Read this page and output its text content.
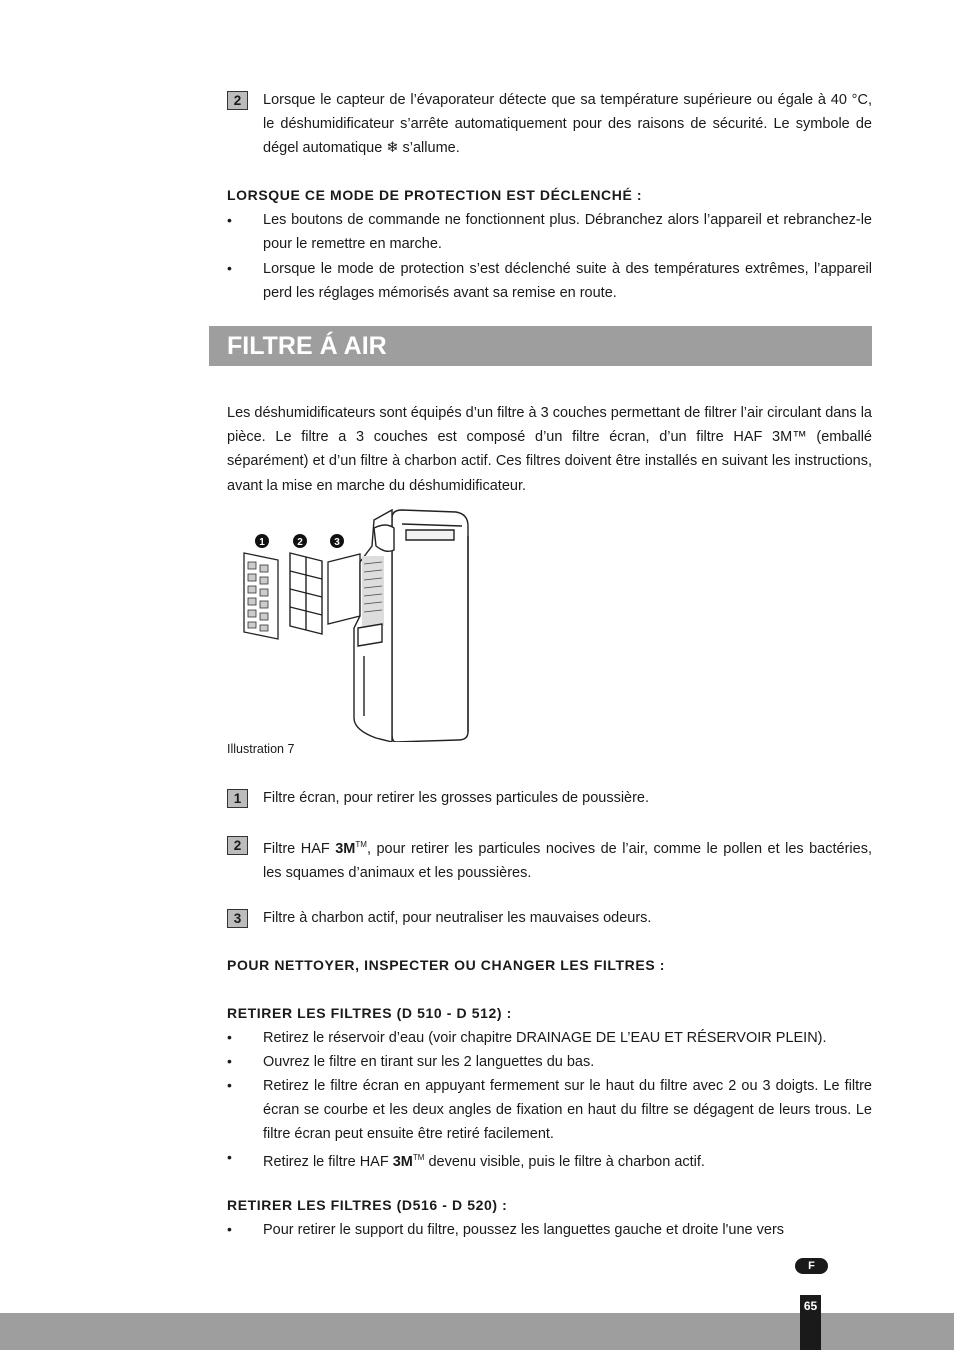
2	Lorsque le capteur de l’évaporateur détecte que sa température supérieure ou égale à 40 °C, le déshumidificateur s’arrête automatiquement pour des raisons de sécurité. Le symbole de dégel automatique ❄ s’allume.
LORSQUE CE MODE DE PROTECTION EST DÉCLENCHÉ :
•	Les boutons de commande ne fonctionnent plus. Débranchez alors l’appareil et rebranchez-le pour le remettre en marche.
•	Lorsque le mode de protection s’est déclenché suite à des températures extrêmes, l’appareil perd les réglages mémorisés avant sa remise en route.
FILTRE Á AIR
Les déshumidificateurs sont équipés d’un filtre à 3 couches permettant de filtrer l’air circulant dans la pièce. Le filtre a 3 couches est composé d’un filtre écran, d’un filtre HAF 3M™ (emballé séparément) et d’un filtre à charbon actif. Ces filtres doivent être installés en suivant les instructions, avant la mise en marche du déshumidificateur.
1	2	3
Illustration 7
1	Filtre écran, pour retirer les grosses particules de poussière.
2	Filtre HAF 3M™, pour retirer les particules nocives de l’air, comme le pollen et les bactéries, les squames d’animaux et les poussières.
3	Filtre à charbon actif, pour neutraliser les mauvaises odeurs.
POUR NETTOYER, INSPECTER OU CHANGER LES FILTRES :
RETIRER LES FILTRES (D 510 - D 512) :
•	Retirez le réservoir d’eau (voir chapitre DRAINAGE DE L’EAU ET RÉSERVOIR PLEIN).
•	Ouvrez le filtre en tirant sur les 2 languettes du bas.
•	Retirez le filtre écran en appuyant fermement sur le haut du filtre avec 2 ou 3 doigts. Le filtre écran se courbe et les deux angles de fixation en haut du filtre se dégagent de leurs trous. Le filtre écran peut ensuite être retiré facilement.
•	Retirez le filtre HAF 3M™ devenu visible, puis le filtre à charbon actif.
RETIRER LES FILTRES (D516 - D 520) :
•	Pour retirer le support du filtre, poussez les languettes gauche et droite l'une vers
F
65
